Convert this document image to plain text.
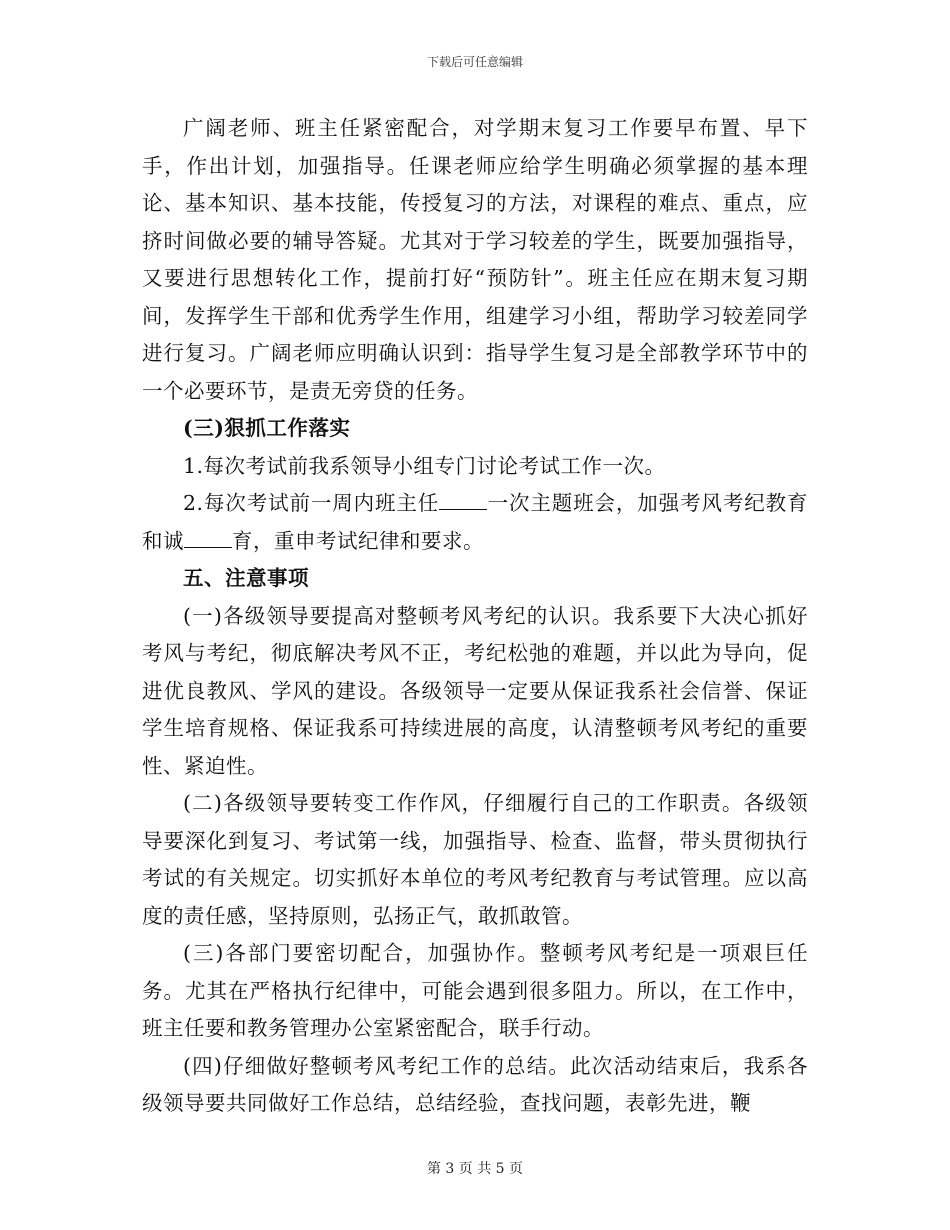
下载后可任意编辑

广阔老师、班主任紧密配合，对学期末复习工作要早布置、早下手，作出计划，加强指导。任课老师应给学生明确必须掌握的基本理论、基本知识、基本技能，传授复习的方法，对课程的难点、重点，应挤时间做必要的辅导答疑。尤其对于学习较差的学生，既要加强指导，又要进行思想转化工作，提前打好“预防针”。班主任应在期末复习期间，发挥学生干部和优秀学生作用，组建学习小组，帮助学习较差同学进行复习。广阔老师应明确认识到：指导学生复习是全部教学环节中的一个必要环节，是责无旁贷的任务。

(三)狠抓工作落实

1.每次考试前我系领导小组专门讨论考试工作一次。

2.每次考试前一周内班主任 一次主题班会，加强考风考纪教育和诚 育，重申考试纪律和要求。

五、注意事项

(一)各级领导要提高对整顿考风考纪的认识。我系要下大决心抓好考风与考纪，彻底解决考风不正，考纪松弛的难题，并以此为导向，促进优良教风、学风的建设。各级领导一定要从保证我系社会信誉、保证学生培育规格、保证我系可持续进展的高度，认清整顿考风考纪的重要性、紧迫性。

(二)各级领导要转变工作作风，仔细履行自己的工作职责。各级领导要深化到复习、考试第一线，加强指导、检查、监督，带头贯彻执行考试的有关规定。切实抓好本单位的考风考纪教育与考试管理。应以高度的责任感，坚持原则，弘扬正气，敢抓敢管。

(三)各部门要密切配合，加强协作。整顿考风考纪是一项艰巨任务。尤其在严格执行纪律中，可能会遇到很多阻力。所以，在工作中，班主任要和教务管理办公室紧密配合，联手行动。

(四)仔细做好整顿考风考纪工作的总结。此次活动结束后，我系各级领导要共同做好工作总结，总结经验，查找问题，表彰先进，鞭

第 3 页 共 5 页
